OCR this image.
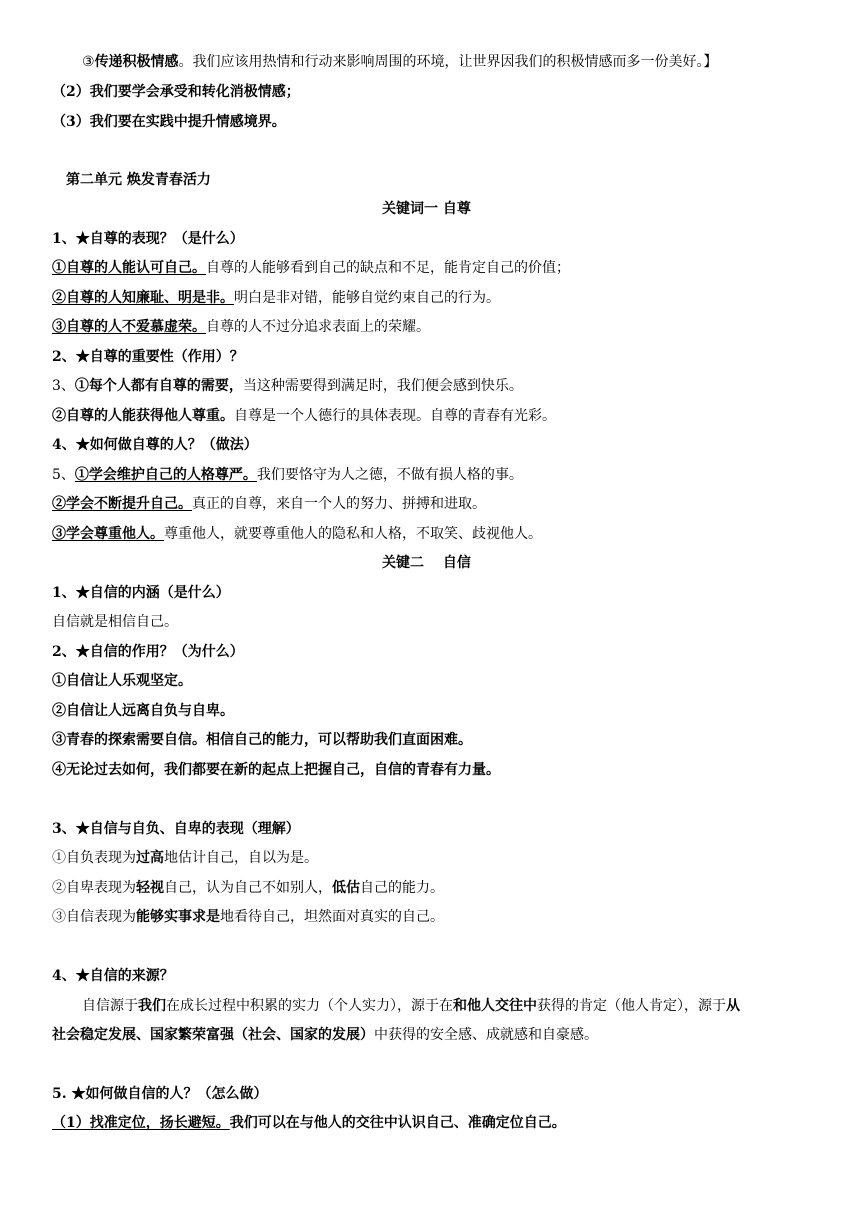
③传递积极情感。我们应该用热情和行动来影响周围的环境，让世界因我们的积极情感而多一份美好。】
（2）我们要学会承受和转化消极情感；
（3）我们要在实践中提升情感境界。
第二单元 焕发青春活力
关键词一 自尊
1、★自尊的表现？（是什么）
①自尊的人能认可自己。自尊的人能够看到自己的缺点和不足，能肯定自己的价值；
②自尊的人知廉耻、明是非。明白是非对错，能够自觉约束自己的行为。
③自尊的人不爱慕虚荣。自尊的人不过分追求表面上的荣耀。
2、★自尊的重要性（作用）？
3、①每个人都有自尊的需要，当这种需要得到满足时，我们便会感到快乐。
②自尊的人能获得他人尊重。自尊是一个人德行的具体表现。自尊的青春有光彩。
4、★如何做自尊的人？（做法）
5、①学会维护自己的人格尊严。我们要恪守为人之德，不做有损人格的事。
②学会不断提升自己。真正的自尊，来自一个人的努力、拼搏和进取。
③学会尊重他人。尊重他人，就要尊重他人的隐私和人格，不取笑、歧视他人。
关键二　 自信
1、★自信的内涵（是什么）
自信就是相信自己。
2、★自信的作用？（为什么）
①自信让人乐观坚定。
②自信让人远离自负与自卑。
③青春的探索需要自信。相信自己的能力，可以帮助我们直面困难。
④无论过去如何，我们都要在新的起点上把握自己，自信的青春有力量。
3、★自信与自负、自卑的表现（理解）
①自负表现为过高地估计自己，自以为是。
②自卑表现为轻视自己，认为自己不如别人，低估自己的能力。
③自信表现为能够实事求是地看待自己，坦然面对真实的自己。
4、★自信的来源？
自信源于我们在成长过程中积累的实力（个人实力），源于在和他人交往中获得的肯定（他人肯定），源于从
社会稳定发展、国家繁荣富强（社会、国家的发展）中获得的安全感、成就感和自豪感。
5. ★如何做自信的人？（怎么做）
（1）找准定位，扬长避短。我们可以在与他人的交往中认识自己、准确定位自己。
